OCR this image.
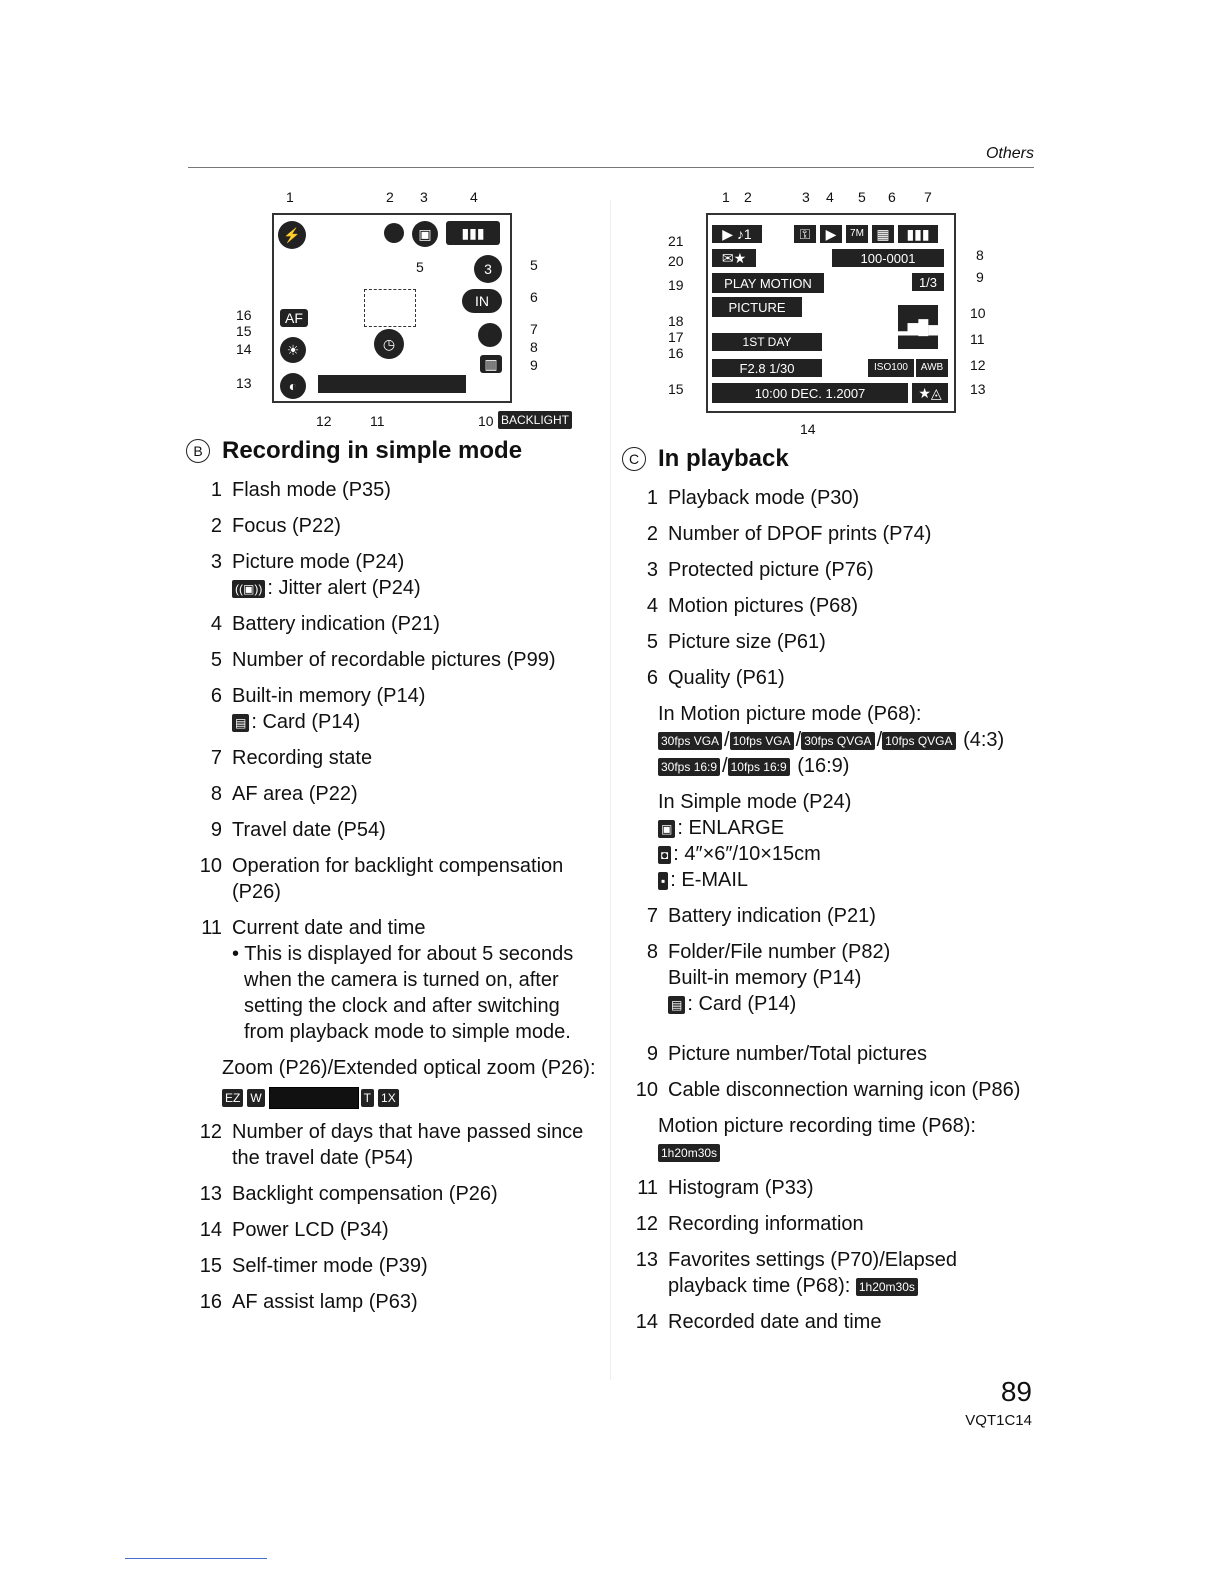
Others
1	2 3	4
⚡	▣	▮▮▮
3
IN
▥
AF
☀
◐
◷
5	5
6
7
8
9
16
15
14
13
12	11	10 BACKLIGHT
B Recording in simple mode
1 Flash mode (P35)
2 Focus (P22)
3 Picture mode (P24)
((▣)) : Jitter alert (P24)
4 Battery indication (P21)
5 Number of recordable pictures (P99)
6 Built-in memory (P14)
▤ : Card (P14)
7 Recording state
8 AF area (P22)
9 Travel date (P54)
10 Operation for backlight compensation (P26)
11 Current date and time
• This is displayed for about 5 seconds when the camera is turned on, after setting the clock and after switching from playback mode to simple mode.
Zoom (P26)/Extended optical zoom (P26):

EZ W	T 1X
12 Number of days that have passed since the travel date (P54)
13 Backlight compensation (P26)
14 Power LCD (P34)
15 Self-timer mode (P39)
16 AF assist lamp (P63)
1 2	3 4 5 6 7
▶ ♪1	⚿	▶	7M ▦	▮▮▮
✉★	100-0001
PLAY MOTION	1/3
PICTURE
▂▆█▅
1ST DAY
F2.8 1/30	ISO100	AWB
10:00 DEC. 1.2007	★◬
21
20
19
18
17
16
15
8
9
10
11
12
13
14
C In playback
1 Playback mode (P30)
2 Number of DPOF prints (P74)
3 Protected picture (P76)
4 Motion pictures (P68)
5 Picture size (P61)
6 Quality (P61)
In Motion picture mode (P68):
30fps VGA / 10fps VGA / 30fps QVGA / 10fps QVGA (4:3)
30fps 16:9 / 10fps 16:9 (16:9)
In Simple mode (P24)
▣ : ENLARGE
◘ : 4″×6″/10×15cm
▪ : E-MAIL
7 Battery indication (P21)
8 Folder/File number (P82)
Built-in memory (P14)
▤ : Card (P14)
9 Picture number/Total pictures
10 Cable disconnection warning icon (P86)
Motion picture recording time (P68): 1h20m30s
11 Histogram (P33)
12 Recording information
13 Favorites settings (P70)/Elapsed playback time (P68): 1h20m30s
14 Recorded date and time
89
VQT1C14
